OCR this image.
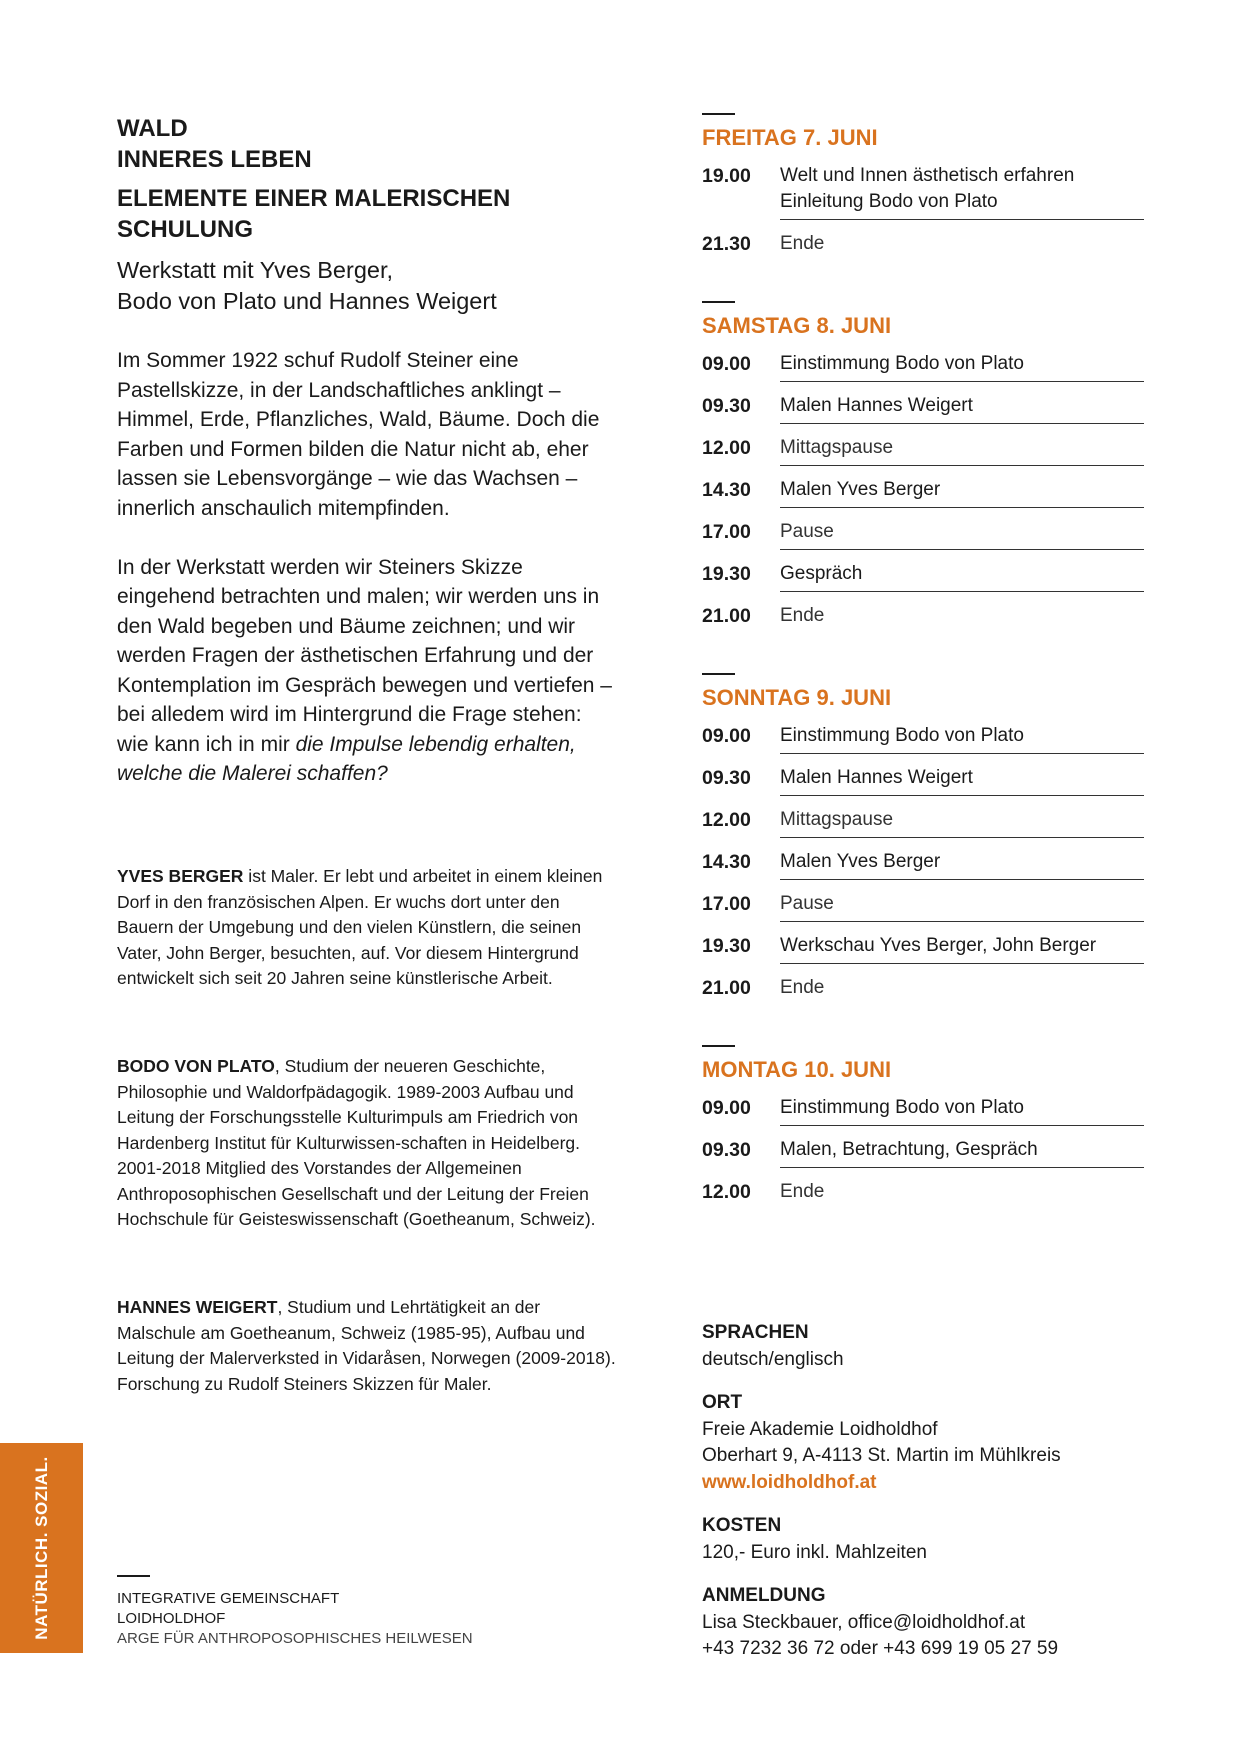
WALD
INNERES LEBEN
ELEMENTE EINER MALERISCHEN
SCHULUNG
Werkstatt mit Yves Berger,
Bodo von Plato und Hannes Weigert

Im Sommer 1922 schuf Rudolf Steiner eine Pastellskizze, in der Landschaftliches anklingt – Himmel, Erde, Pflanzliches, Wald, Bäume. Doch die Farben und Formen bilden die Natur nicht ab, eher lassen sie Lebensvorgänge – wie das Wachsen – innerlich anschaulich mitempfinden.

In der Werkstatt werden wir Steiners Skizze eingehend betrachten und malen; wir werden uns in den Wald begeben und Bäume zeichnen; und wir werden Fragen der ästhetischen Erfahrung und der Kontemplation im Gespräch bewegen und vertiefen – bei alledem wird im Hintergrund die Frage stehen: wie kann ich in mir die Impulse lebendig erhalten, welche die Malerei schaffen?

YVES BERGER ist Maler. Er lebt und arbeitet in einem kleinen Dorf in den französischen Alpen. Er wuchs dort unter den Bauern der Umgebung und den vielen Künstlern, die seinen Vater, John Berger, besuchten, auf. Vor diesem Hintergrund entwickelt sich seit 20 Jahren seine künstlerische Arbeit.
BODO VON PLATO, Studium der neueren Geschichte, Philosophie und Waldorfpädagogik. 1989-2003 Aufbau und Leitung der Forschungsstelle Kulturimpuls am Friedrich von Hardenberg Institut für Kulturwissen-schaften in Heidelberg. 2001-2018 Mitglied des Vorstandes der Allgemeinen Anthroposophischen Gesellschaft und der Leitung der Freien Hochschule für Geisteswissenschaft (Goetheanum, Schweiz).
HANNES WEIGERT, Studium und Lehrtätigkeit an der Malschule am Goetheanum, Schweiz (1985-95), Aufbau und Leitung der Malerverksted in Vidaråsen, Norwegen (2009-2018). Forschung zu Rudolf Steiners Skizzen für Maler.
NATÜRLICH. SOZIAL.	INTEGRATIVE GEMEINSCHAFT
LOIDHOLDHOF
ARGE FÜR ANTHROPOSOPHISCHES HEILWESEN
FREITAG 7. JUNI
19.00	Welt und Innen ästhetisch erfahren
Einleitung Bodo von Plato
21.30	Ende
SAMSTAG 8. JUNI
09.00	Einstimmung Bodo von Plato
09.30	Malen Hannes Weigert
12.00	Mittagspause
14.30	Malen Yves Berger
17.00	Pause
19.30	Gespräch
21.00	Ende
SONNTAG 9. JUNI
09.00	Einstimmung Bodo von Plato
09.30	Malen Hannes Weigert
12.00	Mittagspause
14.30	Malen Yves Berger
17.00	Pause
19.30	Werkschau Yves Berger, John Berger
21.00	Ende
MONTAG 10. JUNI
09.00	Einstimmung Bodo von Plato
09.30	Malen, Betrachtung, Gespräch
12.00	Ende
SPRACHEN
deutsch/englisch
ORT
Freie Akademie Loidholdhof
Oberhart 9, A-4113 St. Martin im Mühlkreis
www.loidholdhof.at
KOSTEN
120,- Euro inkl. Mahlzeiten
ANMELDUNG
Lisa Steckbauer, office@loidholdhof.at
+43 7232 36 72 oder +43 699 19 05 27 59
